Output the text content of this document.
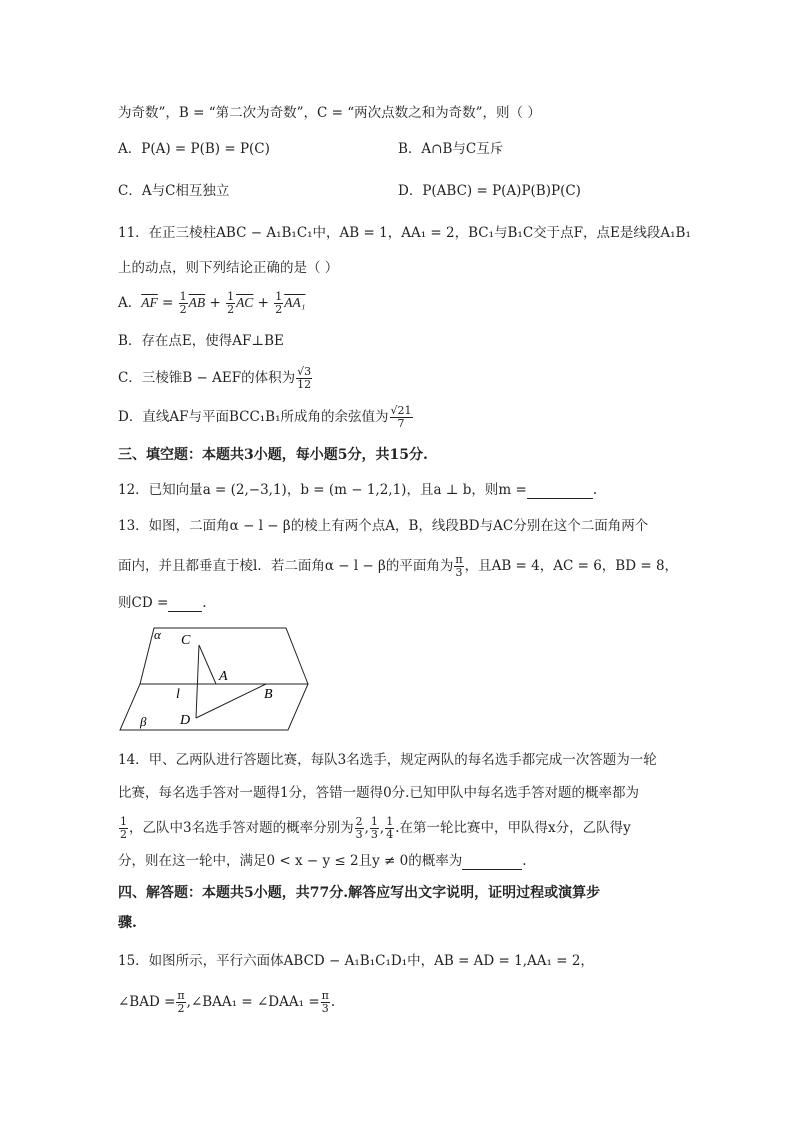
为奇数”，B = “第二次为奇数”，C = “两次点数之和为奇数”，则（ ）
A．P(A) = P(B) = P(C)	B．A∩B与C互斥
C．A与C相互独立	D．P(ABC) = P(A)P(B)P(C)
11．在正三棱柱ABC − A₁B₁C₁中，AB = 1，AA₁ = 2，BC₁与B₁C交于点F，点E是线段A₁B₁
上的动点，则下列结论正确的是（ ）
A．$\overline{AF} = \frac{1}{2} \overline{AB} + \frac{1}{2} \overline{AC} + \frac{1}{2} AA_1$
B．存在点E，使得AF⊥BE
C．三棱锥B − AEF的体积为 $\frac{√3}{12}$
D．直线AF与平面BCC₁B₁所成角的余弦值为 $\frac{√21}{7}$
三、填空题：本题共3小题，每小题5分，共15分.
12．已知向量a = (2,−3,1)，b = (m − 1,2,1)，且a ⊥ b，则m =	.
13．如图，二面角α − l − β的棱上有两个点A，B，线段BD与AC分别在这个二面角两个
面内，并且都垂直于棱l．若二面角α − l − β的平面角为 $\frac{\pi}{3}$ ，且AB = 4，AC = 6，BD = 8，
则CD =	.
α C
A
l	B
β D
14．甲、乙两队进行答题比赛，每队3名选手，规定两队的每名选手都完成一次答题为一轮
比赛，每名选手答对一题得1分，答错一题得0分.已知甲队中每名选手答对题的概率都为
$\frac{1}{2}$ ，乙队中3名选手答对题的概率分别为 $\frac{2}{3}$ , $\frac{1}{3}$ , $\frac{1}{4}$ .在第一轮比赛中，甲队得x分，乙队得y
分，则在这一轮中，满足0 < x − y ≤ 2且y ≠ 0的概率为	.
四、解答题：本题共5小题，共77分.解答应写出文字说明，证明过程或演算步
骤.
15．如图所示，平行六面体ABCD − A₁B₁C₁D₁中，AB = AD = 1,AA₁ = 2，
∠BAD = $\frac{\pi}{2}$ ,∠BAA₁ = ∠DAA₁ = $\frac{\pi}{3}$ .
